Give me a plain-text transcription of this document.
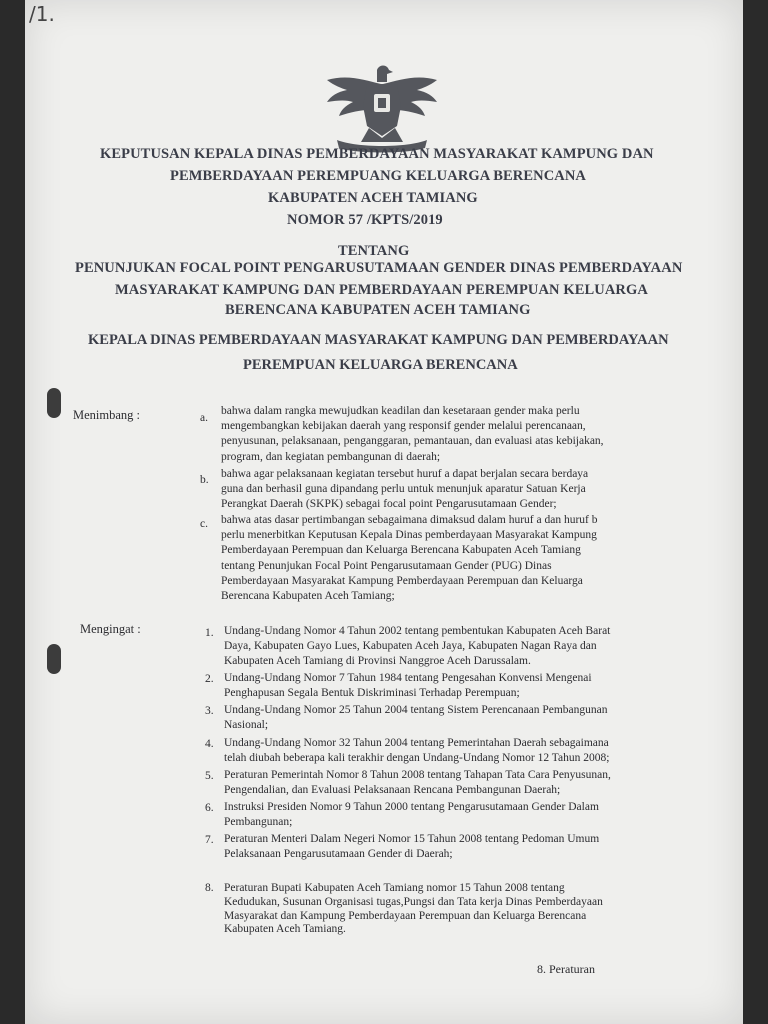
/1.
KEPUTUSAN KEPALA DINAS PEMBERDAYAAN MASYARAKAT KAMPUNG DAN
PEMBERDAYAAN PEREMPUANG KELUARGA BERENCANA
KABUPATEN ACEH TAMIANG
NOMOR 57 /KPTS/2019
TENTANG
PENUNJUKAN FOCAL POINT PENGARUSUTAMAAN GENDER DINAS PEMBERDAYAAN
MASYARAKAT KAMPUNG DAN PEMBERDAYAAN PEREMPUAN KELUARGA
BERENCANA KABUPATEN ACEH TAMIANG
KEPALA DINAS PEMBERDAYAAN MASYARAKAT KAMPUNG DAN PEMBERDAYAAN
PEREMPUAN KELUARGA BERENCANA
Menimbang :	a.
bahwa dalam rangka mewujudkan keadilan dan kesetaraan gender maka perlu
mengembangkan kebijakan daerah yang responsif gender melalui perencanaan,
penyusunan, pelaksanaan, penganggaran, pemantauan, dan evaluasi atas kebijakan,
program, dan kegiatan pembangunan di daerah;
b. bahwa agar pelaksanaan kegiatan tersebut huruf a dapat berjalan secara berdaya
guna dan berhasil guna dipandang perlu untuk menunjuk aparatur Satuan Kerja
Perangkat Daerah (SKPK) sebagai focal point Pengarusutamaan Gender;
c. bahwa atas dasar pertimbangan sebagaimana dimaksud dalam huruf a dan huruf b
perlu menerbitkan Keputusan Kepala Dinas pemberdayaan Masyarakat Kampung
Pemberdayaan Perempuan dan Keluarga Berencana Kabupaten Aceh Tamiang
tentang Penunjukan Focal Point Pengarusutamaan Gender (PUG) Dinas
Pemberdayaan Masyarakat Kampung Pemberdayaan Perempuan dan Keluarga
Berencana Kabupaten Aceh Tamiang;
Mengingat :	1. Undang-Undang Nomor 4 Tahun 2002 tentang pembentukan Kabupaten Aceh Barat
Daya, Kabupaten Gayo Lues, Kabupaten Aceh Jaya, Kabupaten Nagan Raya dan
Kabupaten Aceh Tamiang di Provinsi Nanggroe Aceh Darussalam.
2. Undang-Undang Nomor 7 Tahun 1984 tentang Pengesahan Konvensi Mengenai
Penghapusan Segala Bentuk Diskriminasi Terhadap Perempuan;
3. Undang-Undang Nomor 25 Tahun 2004 tentang Sistem Perencanaan Pembangunan
Nasional;
4. Undang-Undang Nomor 32 Tahun 2004 tentang Pemerintahan Daerah sebagaimana
telah diubah beberapa kali terakhir dengan Undang-Undang Nomor 12 Tahun 2008;
5. Peraturan Pemerintah Nomor 8 Tahun 2008 tentang Tahapan Tata Cara Penyusunan,
Pengendalian, dan Evaluasi Pelaksanaan Rencana Pembangunan Daerah;
6. Instruksi Presiden Nomor 9 Tahun 2000 tentang Pengarusutamaan Gender Dalam
Pembangunan;
7. Peraturan Menteri Dalam Negeri Nomor 15 Tahun 2008 tentang Pedoman Umum
Pelaksanaan Pengarusutamaan Gender di Daerah;
8. Peraturan Bupati Kabupaten Aceh Tamiang nomor 15 Tahun 2008 tentang
Kedudukan, Susunan Organisasi tugas,Pungsi dan Tata kerja Dinas Pemberdayaan
Masyarakat dan Kampung Pemberdayaan Perempuan dan Keluarga Berencana
Kabupaten Aceh Tamiang.
8. Peraturan
